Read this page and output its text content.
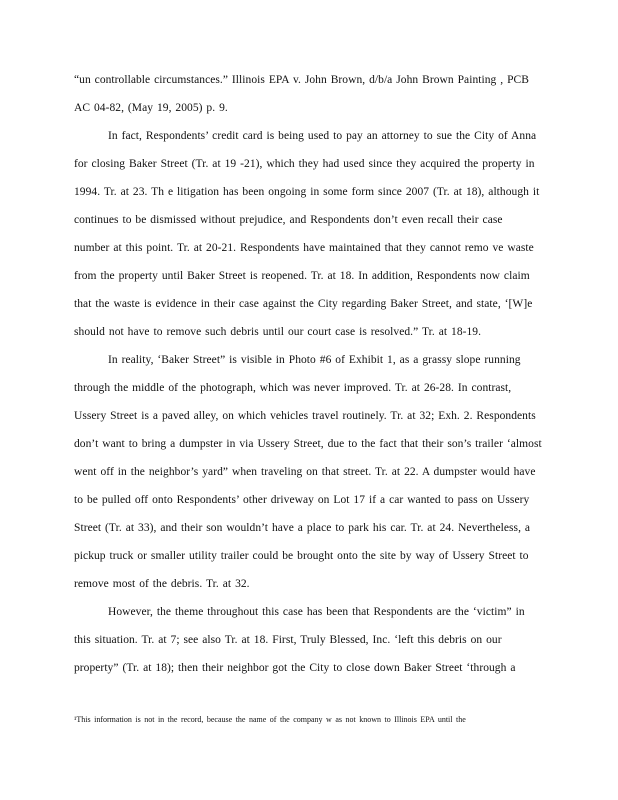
“un controllable circumstances.” Illinois EPA v. John Brown, d/b/a John Brown Painting , PCB
AC 04-82, (May 19, 2005) p. 9.
In fact, Respondents’ credit card is being used to pay an attorney to sue the City of Anna
for closing Baker Street (Tr. at 19 -21), which they had used since they acquired the property in
1994. Tr. at 23. Th e litigation has been ongoing in some form since 2007 (Tr. at 18), although it
continues to be dismissed without prejudice, and Respondents don’t even recall their case
number at this point. Tr. at 20-21. Respondents have maintained that they cannot remo ve waste
from the property until Baker Street is reopened. Tr. at 18. In addition, Respondents now claim
that the waste is evidence in their case against the City regarding Baker Street, and state, ‘[W]e
should not have to remove such debris until our court case is resolved.” Tr. at 18-19.
In reality, ‘Baker Street” is visible in Photo #6 of Exhibit 1, as a grassy slope running
through the middle of the photograph, which was never improved. Tr. at 26-28. In contrast,
Ussery Street is a paved alley, on which vehicles travel routinely. Tr. at 32; Exh. 2. Respondents
don’t want to bring a dumpster in via Ussery Street, due to the fact that their son’s trailer ‘almost
went off in the neighbor’s yard” when traveling on that street. Tr. at 22. A dumpster would have
to be pulled off onto Respondents’ other driveway on Lot 17 if a car wanted to pass on Ussery
Street (Tr. at 33), and their son wouldn’t have a place to park his car. Tr. at 24. Nevertheless, a
pickup truck or smaller utility trailer could be brought onto the site by way of Ussery Street to
remove most of the debris. Tr. at 32.
However, the theme throughout this case has been that Respondents are the ‘victim” in
this situation. Tr. at 7; see also Tr. at 18. First, Truly Blessed, Inc. ‘left this debris on our
property” (Tr. at 18); then their neighbor got the City to close down Baker Street ‘through a
¹This information is not in the record, because the name of the company w as not known to Illinois EPA until the
